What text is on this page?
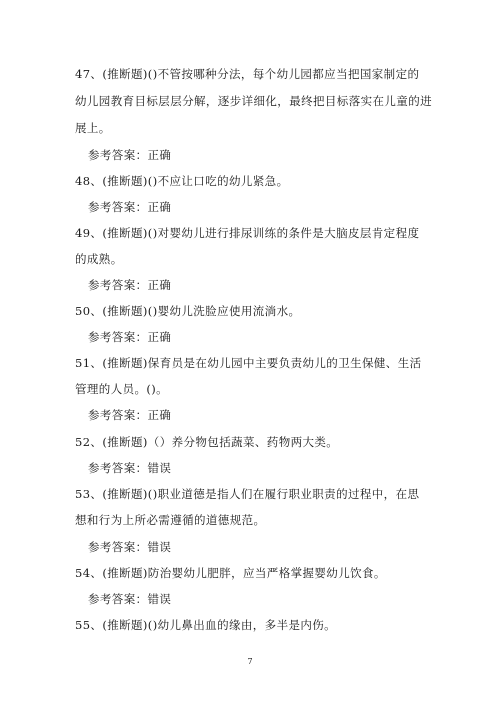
47、(推断题)()不管按哪种分法，每个幼儿园都应当把国家制定的
幼儿园教育目标层层分解，逐步详细化，最终把目标落实在儿童的进
展上。
参考答案：正确
48、(推断题)()不应让口吃的幼儿紧急。
参考答案：正确
49、(推断题)()对婴幼儿进行排尿训练的条件是大脑皮层肯定程度
的成熟。
参考答案：正确
50、(推断题)()婴幼儿洗脸应使用流淌水。
参考答案：正确
51、(推断题)保育员是在幼儿园中主要负责幼儿的卫生保健、生活
管理的人员。()。
参考答案：正确
52、(推断题)（）养分物包括蔬菜、药物两大类。
参考答案：错误
53、(推断题)()职业道德是指人们在履行职业职责的过程中，在思
想和行为上所必需遵循的道德规范。
参考答案：错误
54、(推断题)防治婴幼儿肥胖，应当严格掌握婴幼儿饮食。
参考答案：错误
55、(推断题)()幼儿鼻出血的缘由，多半是内伤。
7
